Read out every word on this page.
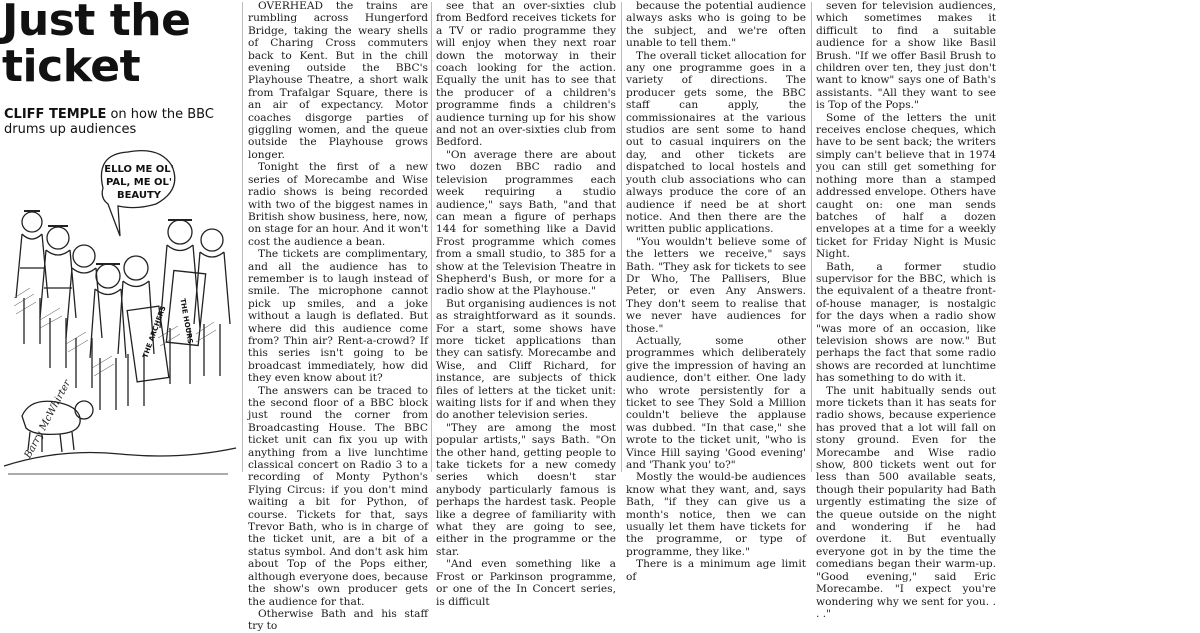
Just the
ticket

CLIFF TEMPLE on how the BBC drums up audiences

ELLO ME OL'
PAL, ME OL'
BEAUTY
THE ARCHERS THE HOURS
Barry McWhirter

OVERHEAD the trains are rumbling across Hungerford Bridge, taking the weary shells of Charing Cross commuters back to Kent. But in the chill evening outside the BBC's Playhouse Theatre, a short walk from Trafalgar Square, there is an air of expectancy. Motor coaches disgorge parties of giggling women, and the queue outside the Playhouse grows longer.

Tonight the first of a new series of Morecambe and Wise radio shows is being recorded with two of the biggest names in British show business, here, now, on stage for an hour. And it won't cost the audience a bean.

The tickets are complimentary, and all the audience has to remember is to laugh instead of smile. The microphone cannot pick up smiles, and a joke without a laugh is deflated. But where did this audience come from? Thin air? Rent-a-crowd? If this series isn't going to be broadcast immediately, how did they even know about it?

The answers can be traced to the second floor of a BBC block just round the corner from Broadcasting House. The BBC ticket unit can fix you up with anything from a live lunchtime classical concert on Radio 3 to a recording of Monty Python's Flying Circus: if you don't mind waiting a bit for Python, of course. Tickets for that, says Trevor Bath, who is in charge of the ticket unit, are a bit of a status symbol. And don't ask him about Top of the Pops either, although everyone does, because the show's own producer gets the audience for that.

Otherwise Bath and his staff try to

see that an over-sixties club from Bedford receives tickets for a TV or radio programme they will enjoy when they next roar down the motorway in their coach looking for the action. Equally the unit has to see that the producer of a children's programme finds a children's audience turning up for his show and not an over-sixties club from Bedford.

"On average there are about two dozen BBC radio and television programmes each week requiring a studio audience," says Bath, "and that can mean a figure of perhaps 144 for something like a David Frost programme which comes from a small studio, to 385 for a show at the Television Theatre in Shepherd's Bush, or more for a radio show at the Playhouse."

But organising audiences is not as straightforward as it sounds. For a start, some shows have more ticket applications than they can satisfy. Morecambe and Wise, and Cliff Richard, for instance, are subjects of thick files of letters at the ticket unit: waiting lists for if and when they do another television series.

"They are among the most popular artists," says Bath. "On the other hand, getting people to take tickets for a new comedy series which doesn't star anybody particularly famous is perhaps the hardest task. People like a degree of familiarity with what they are going to see, either in the programme or the star.

"And even something like a Frost or Parkinson programme, or one of the In Concert series, is difficult

because the potential audience always asks who is going to be the subject, and we're often unable to tell them."

The overall ticket allocation for any one programme goes in a variety of directions. The producer gets some, the BBC staff can apply, the commissionaires at the various studios are sent some to hand out to casual inquirers on the day, and other tickets are dispatched to local hostels and youth club associations who can always produce the core of an audience if need be at short notice. And then there are the written public applications.

"You wouldn't believe some of the letters we receive," says Bath. "They ask for tickets to see Dr Who, The Pallisers, Blue Peter, or even Any Answers. They don't seem to realise that we never have audiences for those."

Actually, some other programmes which deliberately give the impression of having an audience, don't either. One lady who wrote persistently for a ticket to see They Sold a Million couldn't believe the applause was dubbed. "In that case," she wrote to the ticket unit, "who is Vince Hill saying 'Good evening' and 'Thank you' to?"

Mostly the would-be audiences know what they want, and, says Bath, "if they can give us a month's notice, then we can usually let them have tickets for the programme, or type of programme, they like."

There is a minimum age limit of

seven for television audiences, which sometimes makes it difficult to find a suitable audience for a show like Basil Brush. "If we offer Basil Brush to children over ten, they just don't want to know" says one of Bath's assistants. "All they want to see is Top of the Pops."

Some of the letters the unit receives enclose cheques, which have to be sent back; the writers simply can't believe that in 1974 you can still get something for nothing more than a stamped addressed envelope. Others have caught on: one man sends batches of half a dozen envelopes at a time for a weekly ticket for Friday Night is Music Night.

Bath, a former studio supervisor for the BBC, which is the equivalent of a theatre front-of-house manager, is nostalgic for the days when a radio show "was more of an occasion, like television shows are now." But perhaps the fact that some radio shows are recorded at lunchtime has something to do with it.

The unit habitually sends out more tickets than it has seats for radio shows, because experience has proved that a lot will fall on stony ground. Even for the Morecambe and Wise radio show, 800 tickets went out for less than 500 available seats, though their popularity had Bath urgently estimating the size of the queue outside on the night and wondering if he had overdone it. But eventually everyone got in by the time the comedians began their warm-up. "Good evening," said Eric Morecambe. "I expect you're wondering why we sent for you. . . ."
